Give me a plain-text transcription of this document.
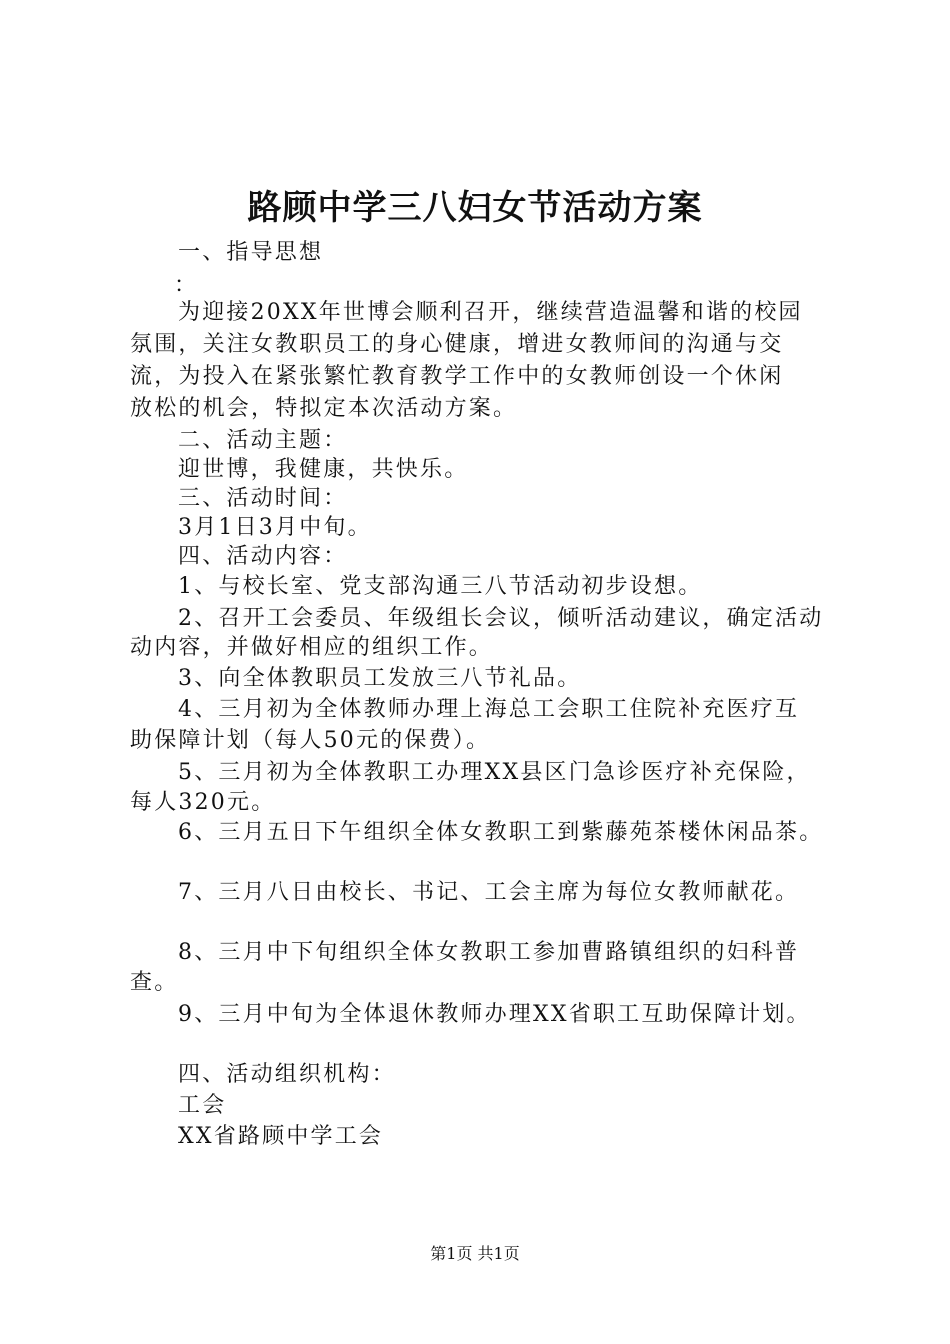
路顾中学三八妇女节活动方案
一、指导思想
：
为迎接20XX年世博会顺利召开，继续营造温馨和谐的校园
氛围，关注女教职员工的身心健康，增进女教师间的沟通与交
流，为投入在紧张繁忙教育教学工作中的女教师创设一个休闲
放松的机会，特拟定本次活动方案。
二、活动主题：
迎世博，我健康，共快乐。
三、活动时间：
3月1日3月中旬。
四、活动内容：
1、与校长室、党支部沟通三八节活动初步设想。
2、召开工会委员、年级组长会议，倾听活动建议，确定活动
动内容，并做好相应的组织工作。
3、向全体教职员工发放三八节礼品。
4、三月初为全体教师办理上海总工会职工住院补充医疗互
助保障计划（每人50元的保费）。
5、三月初为全体教职工办理XX县区门急诊医疗补充保险，
每人320元。
6、三月五日下午组织全体女教职工到紫藤苑茶楼休闲品茶。
7、三月八日由校长、书记、工会主席为每位女教师献花。
8、三月中下旬组织全体女教职工参加曹路镇组织的妇科普
查。
9、三月中旬为全体退休教师办理XX省职工互助保障计划。
四、活动组织机构：
工会
XX省路顾中学工会
第1页 共1页
